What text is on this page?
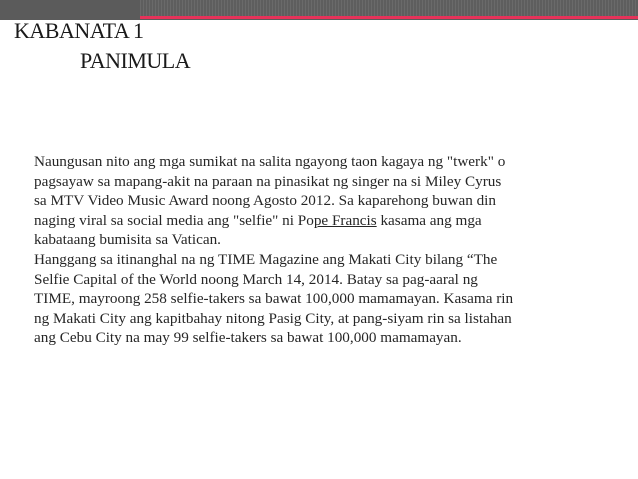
KABANATA 1
PANIMULA

Naungusan nito ang mga sumikat na salita ngayong taon kagaya ng "twerk" o
pagsayaw sa mapang-akit na paraan na pinasikat ng singer na si Miley Cyrus
sa MTV Video Music Award noong Agosto 2012. Sa kaparehong buwan din
naging viral sa social media ang "selfie" ni Pope Francis kasama ang mga
kabataang bumisita sa Vatican.

Hanggang sa itinanghal na ng TIME Magazine ang Makati City bilang “The
Selfie Capital of the World noong March 14, 2014. Batay sa pag-aaral ng
TIME, mayroong 258 selfie-takers sa bawat 100,000 mamamayan. Kasama rin
ng Makati City ang kapitbahay nitong Pasig City, at pang-siyam rin sa listahan
ang Cebu City na may 99 selfie-takers sa bawat 100,000 mamamayan.
